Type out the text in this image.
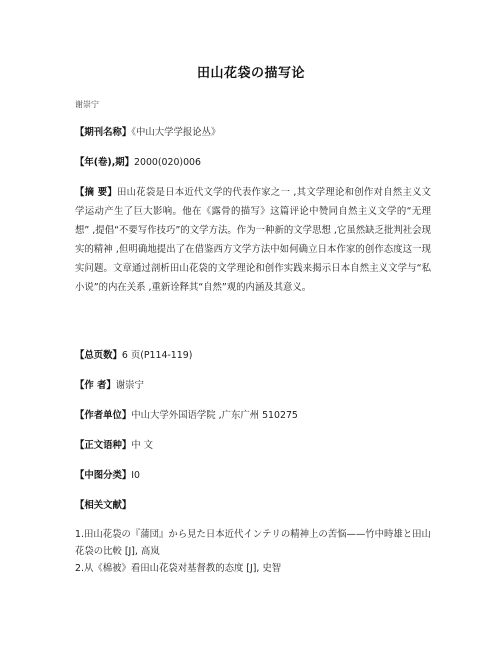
田山花袋の描写论
谢崇宁
【期刊名称】《中山大学学报论丛》
【年(卷),期】2000(020)006
【摘 要】田山花袋是日本近代文学的代表作家之一 ,其文学理论和创作对自然主义文学运动产生了巨大影响。他在《露骨的描写》这篇评论中赞同自然主义文学的“无理想” ,提倡“不要写作技巧”的文学方法。作为一种新的文学思想 ,它虽然缺乏批判社会现实的精神 ,但明确地提出了在借鉴西方文学方法中如何确立日本作家的创作态度这一现实问题。文章通过剖析田山花袋的文学理论和创作实践来揭示日本自然主义文学与“私小说”的内在关系 ,重新诠释其“自然”观的内涵及其意义。
【总页数】6 页(P114-119)
【作 者】谢崇宁
【作者单位】中山大学外国语学院 ,广东广州 510275
【正文语种】中 文
【中图分类】I0
【相关文献】
1.田山花袋の『蒲団』から見た日本近代インテリの精神上の苦悩——竹中時雄と田山花袋の比較 [J], 高岚
2.从《棉被》看田山花袋对基督教的态度 [J], 史智
